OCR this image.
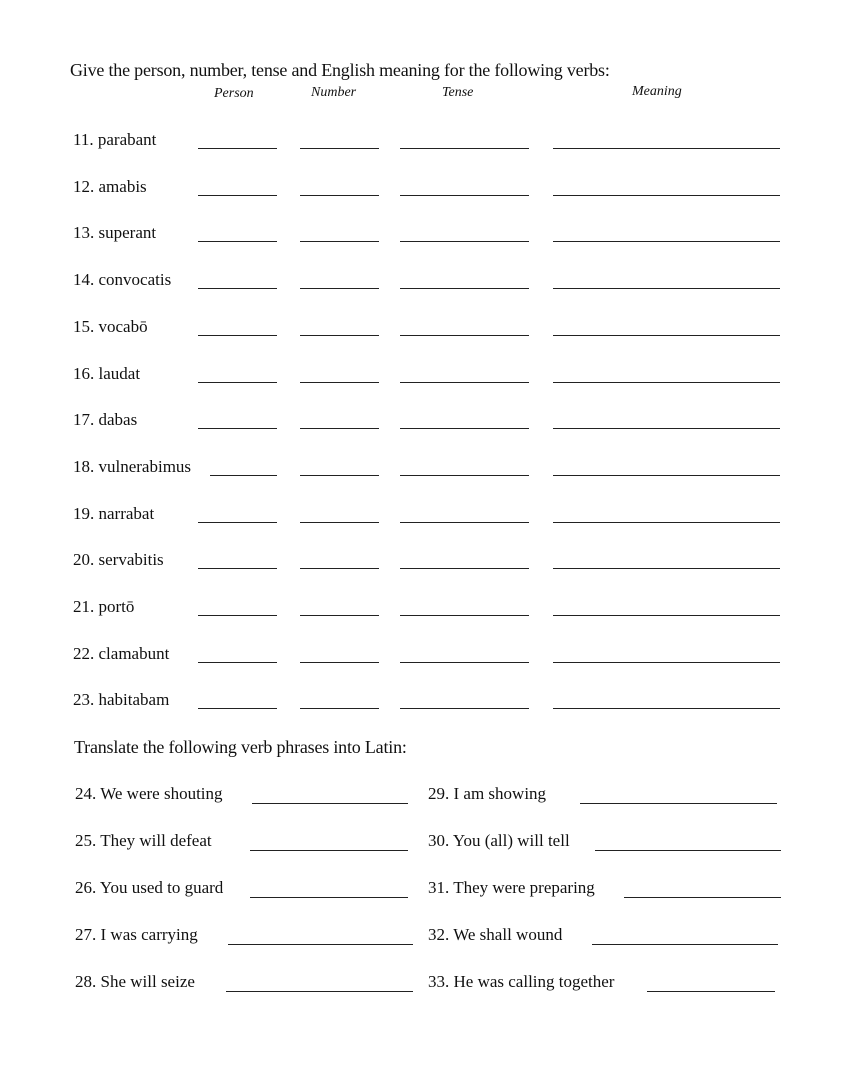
Give the person, number, tense and English meaning for the following verbs:
Person	Number	Tense	Meaning
11. parabant
12. amabis
13. superant
14. convocatis
15. vocabō
16. laudat
17. dabas
18. vulnerabimus
19. narrabat
20. servabitis
21. portō
22. clamabunt
23. habitabam
Translate the following verb phrases into Latin:
24. We were shouting
25. They will defeat
26. You used to guard
27. I was carrying
28. She will seize
29. I am showing
30. You (all) will tell
31. They were preparing
32. We shall wound
33. He was calling together
